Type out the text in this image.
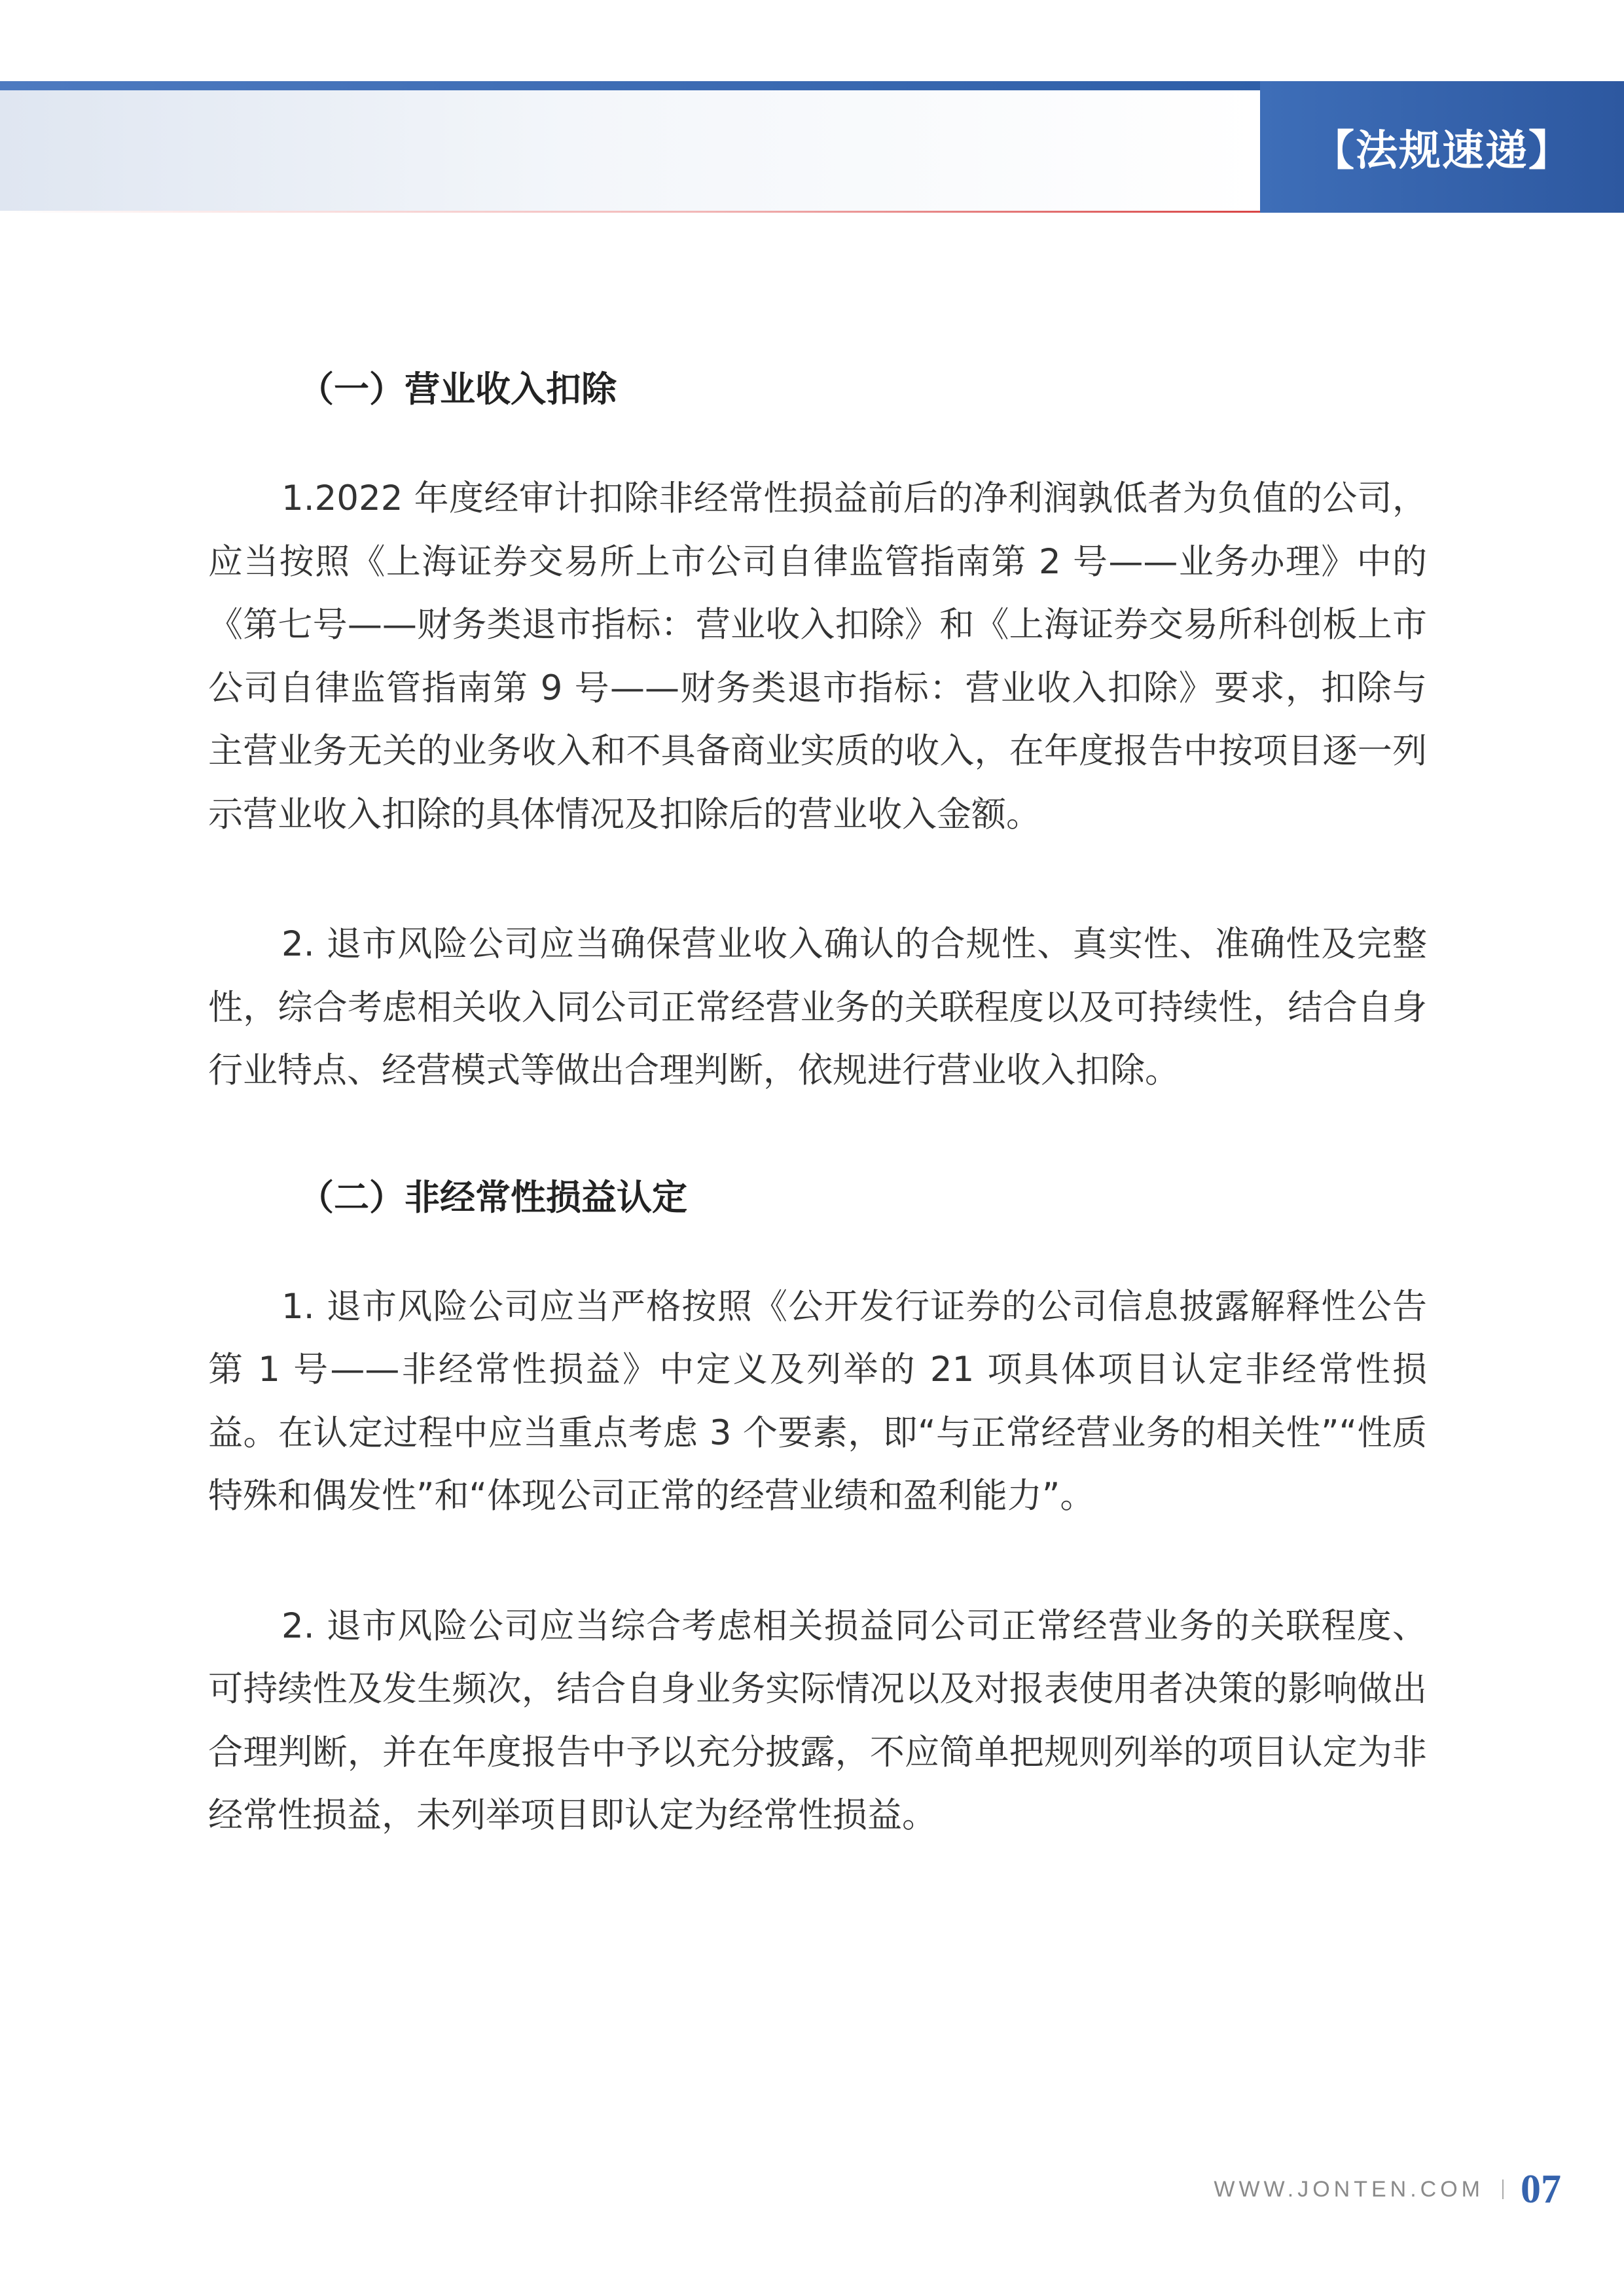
【法规速递】
（一）营业收入扣除

1.2022 年度经审计扣除非经常性损益前后的净利润孰低者为负值的公司，应当按照《上海证券交易所上市公司自律监管指南第 2 号——业务办理》中的《第七号——财务类退市指标：营业收入扣除》和《上海证券交易所科创板上市公司自律监管指南第 9 号——财务类退市指标：营业收入扣除》要求，扣除与主营业务无关的业务收入和不具备商业实质的收入，在年度报告中按项目逐一列示营业收入扣除的具体情况及扣除后的营业收入金额。

2. 退市风险公司应当确保营业收入确认的合规性、真实性、准确性及完整性，综合考虑相关收入同公司正常经营业务的关联程度以及可持续性，结合自身行业特点、经营模式等做出合理判断，依规进行营业收入扣除。

（二）非经常性损益认定

1. 退市风险公司应当严格按照《公开发行证券的公司信息披露解释性公告第 1 号——非经常性损益》中定义及列举的 21 项具体项目认定非经常性损益。在认定过程中应当重点考虑 3 个要素，即“与正常经营业务的相关性”“性质特殊和偶发性”和“体现公司正常的经营业绩和盈利能力”。

2. 退市风险公司应当综合考虑相关损益同公司正常经营业务的关联程度、可持续性及发生频次，结合自身业务实际情况以及对报表使用者决策的影响做出合理判断，并在年度报告中予以充分披露，不应简单把规则列举的项目认定为非经常性损益，未列举项目即认定为经常性损益。

WWW.JONTEN.COM 07
